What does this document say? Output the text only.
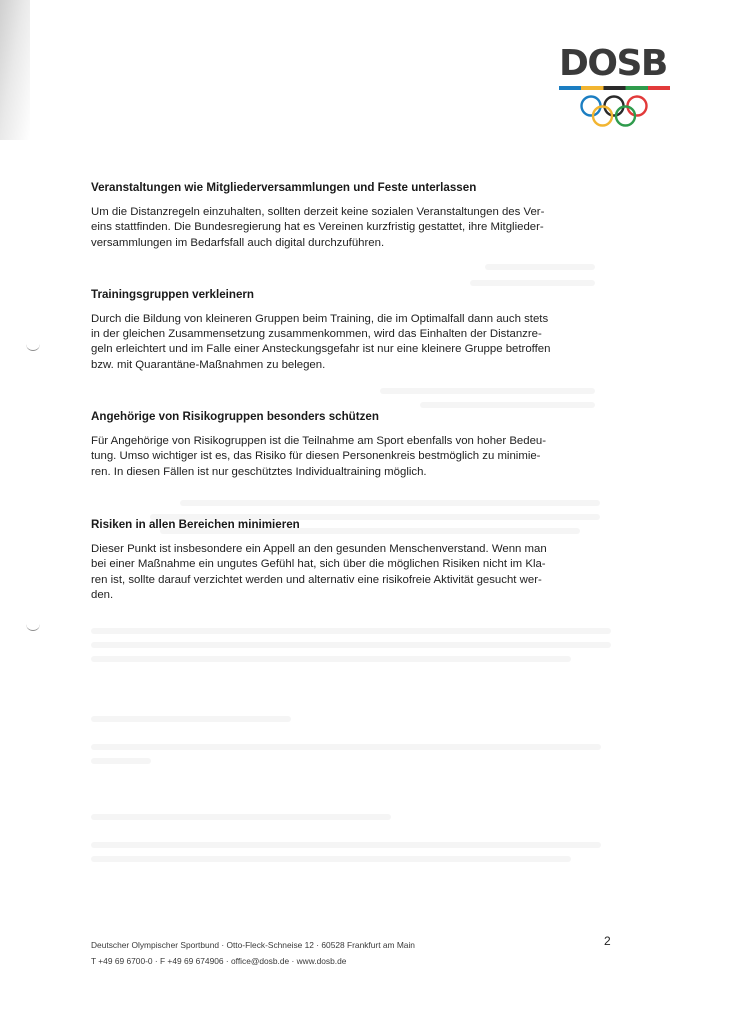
DOSB

Veranstaltungen wie Mitgliederversammlungen und Feste unterlassen

Um die Distanzregeln einzuhalten, sollten derzeit keine sozialen Veranstaltungen des Ver-
eins stattfinden. Die Bundesregierung hat es Vereinen kurzfristig gestattet, ihre Mitglieder-
versammlungen im Bedarfsfall auch digital durchzuführen.

Trainingsgruppen verkleinern

Durch die Bildung von kleineren Gruppen beim Training, die im Optimalfall dann auch stets
in der gleichen Zusammensetzung zusammenkommen, wird das Einhalten der Distanzre-
geln erleichtert und im Falle einer Ansteckungsgefahr ist nur eine kleinere Gruppe betroffen
bzw. mit Quarantäne-Maßnahmen zu belegen.

Angehörige von Risikogruppen besonders schützen

Für Angehörige von Risikogruppen ist die Teilnahme am Sport ebenfalls von hoher Bedeu-
tung. Umso wichtiger ist es, das Risiko für diesen Personenkreis bestmöglich zu minimie-
ren. In diesen Fällen ist nur geschütztes Individualtraining möglich.

Risiken in allen Bereichen minimieren

Dieser Punkt ist insbesondere ein Appell an den gesunden Menschenverstand. Wenn man
bei einer Maßnahme ein ungutes Gefühl hat, sich über die möglichen Risiken nicht im Kla-
ren ist, sollte darauf verzichtet werden und alternativ eine risikofreie Aktivität gesucht wer-
den.

Deutscher Olympischer Sportbund · Otto-Fleck-Schneise 12 · 60528 Frankfurt am Main
T +49 69 6700-0 · F +49 69 674906 · office@dosb.de · www.dosb.de
2
